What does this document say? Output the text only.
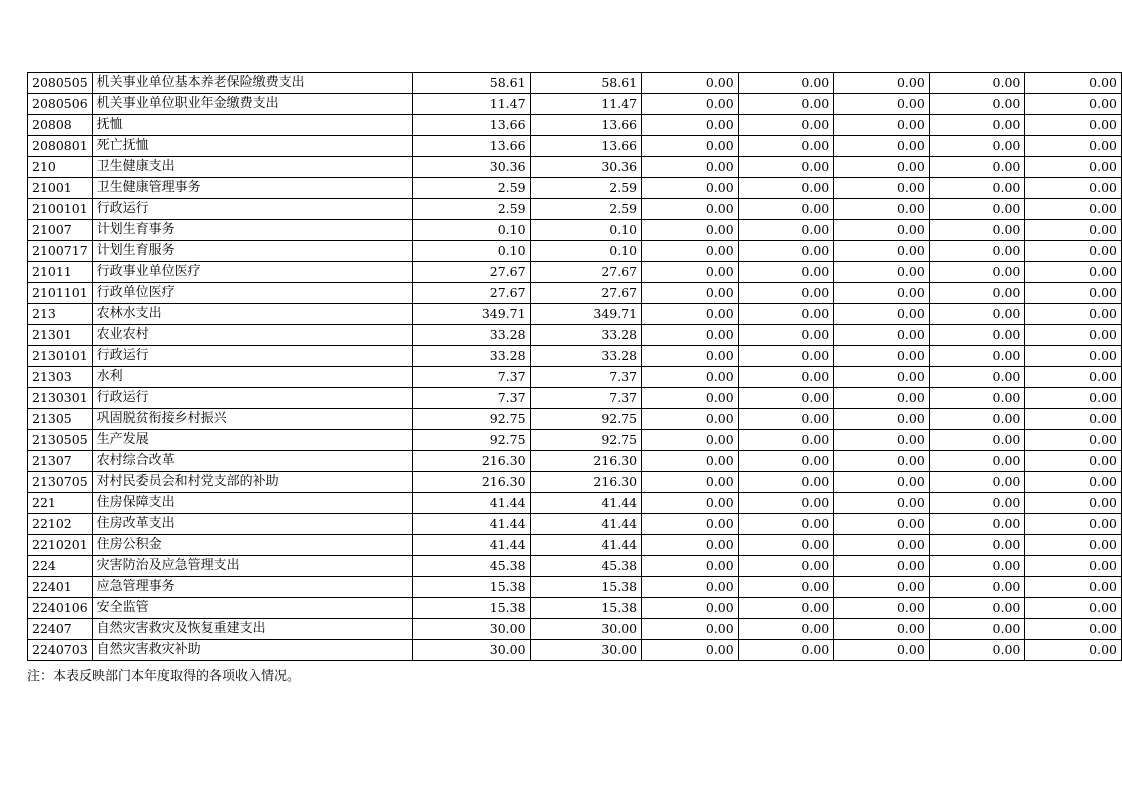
2080505	机关事业单位基本养老保险缴费支出	58.61	58.61	0.00	0.00	0.00	0.00	0.00
2080506	机关事业单位职业年金缴费支出	11.47	11.47	0.00	0.00	0.00	0.00	0.00
20808	抚恤	13.66	13.66	0.00	0.00	0.00	0.00	0.00
2080801	死亡抚恤	13.66	13.66	0.00	0.00	0.00	0.00	0.00
210	卫生健康支出	30.36	30.36	0.00	0.00	0.00	0.00	0.00
21001	卫生健康管理事务	2.59	2.59	0.00	0.00	0.00	0.00	0.00
2100101	行政运行	2.59	2.59	0.00	0.00	0.00	0.00	0.00
21007	计划生育事务	0.10	0.10	0.00	0.00	0.00	0.00	0.00
2100717	计划生育服务	0.10	0.10	0.00	0.00	0.00	0.00	0.00
21011	行政事业单位医疗	27.67	27.67	0.00	0.00	0.00	0.00	0.00
2101101	行政单位医疗	27.67	27.67	0.00	0.00	0.00	0.00	0.00
213	农林水支出	349.71	349.71	0.00	0.00	0.00	0.00	0.00
21301	农业农村	33.28	33.28	0.00	0.00	0.00	0.00	0.00
2130101	行政运行	33.28	33.28	0.00	0.00	0.00	0.00	0.00
21303	水利	7.37	7.37	0.00	0.00	0.00	0.00	0.00
2130301	行政运行	7.37	7.37	0.00	0.00	0.00	0.00	0.00
21305	巩固脱贫衔接乡村振兴	92.75	92.75	0.00	0.00	0.00	0.00	0.00
2130505	生产发展	92.75	92.75	0.00	0.00	0.00	0.00	0.00
21307	农村综合改革	216.30	216.30	0.00	0.00	0.00	0.00	0.00
2130705	对村民委员会和村党支部的补助	216.30	216.30	0.00	0.00	0.00	0.00	0.00
221	住房保障支出	41.44	41.44	0.00	0.00	0.00	0.00	0.00
22102	住房改革支出	41.44	41.44	0.00	0.00	0.00	0.00	0.00
2210201	住房公积金	41.44	41.44	0.00	0.00	0.00	0.00	0.00
224	灾害防治及应急管理支出	45.38	45.38	0.00	0.00	0.00	0.00	0.00
22401	应急管理事务	15.38	15.38	0.00	0.00	0.00	0.00	0.00
2240106	安全监管	15.38	15.38	0.00	0.00	0.00	0.00	0.00
22407	自然灾害救灾及恢复重建支出	30.00	30.00	0.00	0.00	0.00	0.00	0.00
2240703	自然灾害救灾补助	30.00	30.00	0.00	0.00	0.00	0.00	0.00
注：本表反映部门本年度取得的各项收入情况。
